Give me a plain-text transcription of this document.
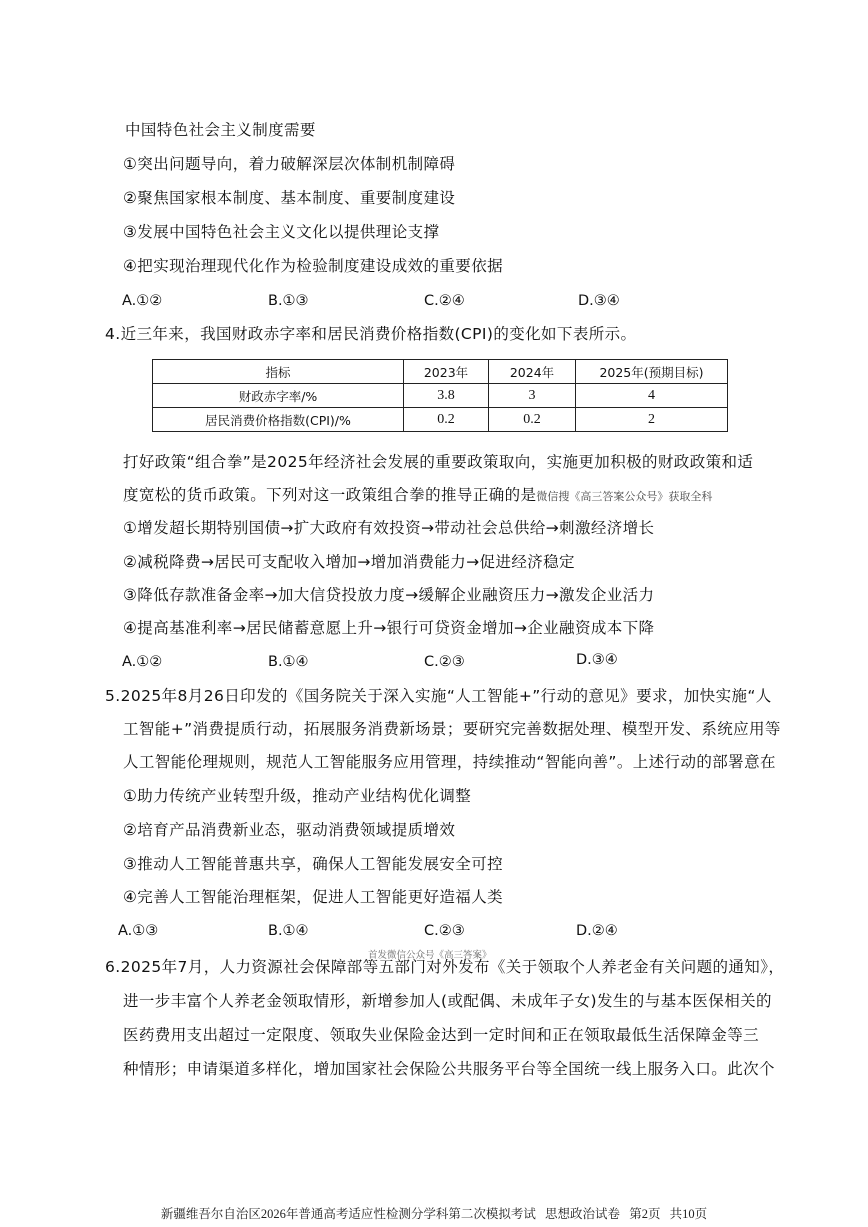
中国特色社会主义制度需要
①突出问题导向，着力破解深层次体制机制障碍
②聚焦国家根本制度、基本制度、重要制度建设
③发展中国特色社会主义文化以提供理论支撑
④把实现治理现代化作为检验制度建设成效的重要依据
A.①②	B.①③	C.②④	D.③④
4.近三年来，我国财政赤字率和居民消费价格指数(CPI)的变化如下表所示。
指标	2023年	2024年	2025年(预期目标)
财政赤字率/%	3.8	3	4
居民消费价格指数(CPI)/%	0.2	0.2	2
打好政策“组合拳”是2025年经济社会发展的重要政策取向，实施更加积极的财政政策和适
度宽松的货币政策。下列对这一政策组合拳的推导正确的是微信搜《高三答案公众号》获取全科
①增发超长期特别国债→扩大政府有效投资→带动社会总供给→刺激经济增长
②减税降费→居民可支配收入增加→增加消费能力→促进经济稳定
③降低存款准备金率→加大信贷投放力度→缓解企业融资压力→激发企业活力
④提高基准利率→居民储蓄意愿上升→银行可贷资金增加→企业融资成本下降
A.①②	B.①④	C.②③	D.③④
5.2025年8月26日印发的《国务院关于深入实施“人工智能+”行动的意见》要求，加快实施“人
工智能+”消费提质行动，拓展服务消费新场景；要研究完善数据处理、模型开发、系统应用等
人工智能伦理规则，规范人工智能服务应用管理，持续推动“智能向善”。上述行动的部署意在
①助力传统产业转型升级，推动产业结构优化调整
②培育产品消费新业态，驱动消费领域提质增效
③推动人工智能普惠共享，确保人工智能发展安全可控
④完善人工智能治理框架，促进人工智能更好造福人类
A.①③	B.①④	C.②③	D.②④
首发微信公众号《高三答案》
6.2025年7月，人力资源社会保障部等五部门对外发布《关于领取个人养老金有关问题的通知》，
进一步丰富个人养老金领取情形，新增参加人(或配偶、未成年子女)发生的与基本医保相关的
医药费用支出超过一定限度、领取失业保险金达到一定时间和正在领取最低生活保障金等三
种情形；申请渠道多样化，增加国家社会保险公共服务平台等全国统一线上服务入口。此次个
新疆维吾尔自治区2026年普通高考适应性检测分学科第二次模拟考试 思想政治试卷 第2页 共10页
